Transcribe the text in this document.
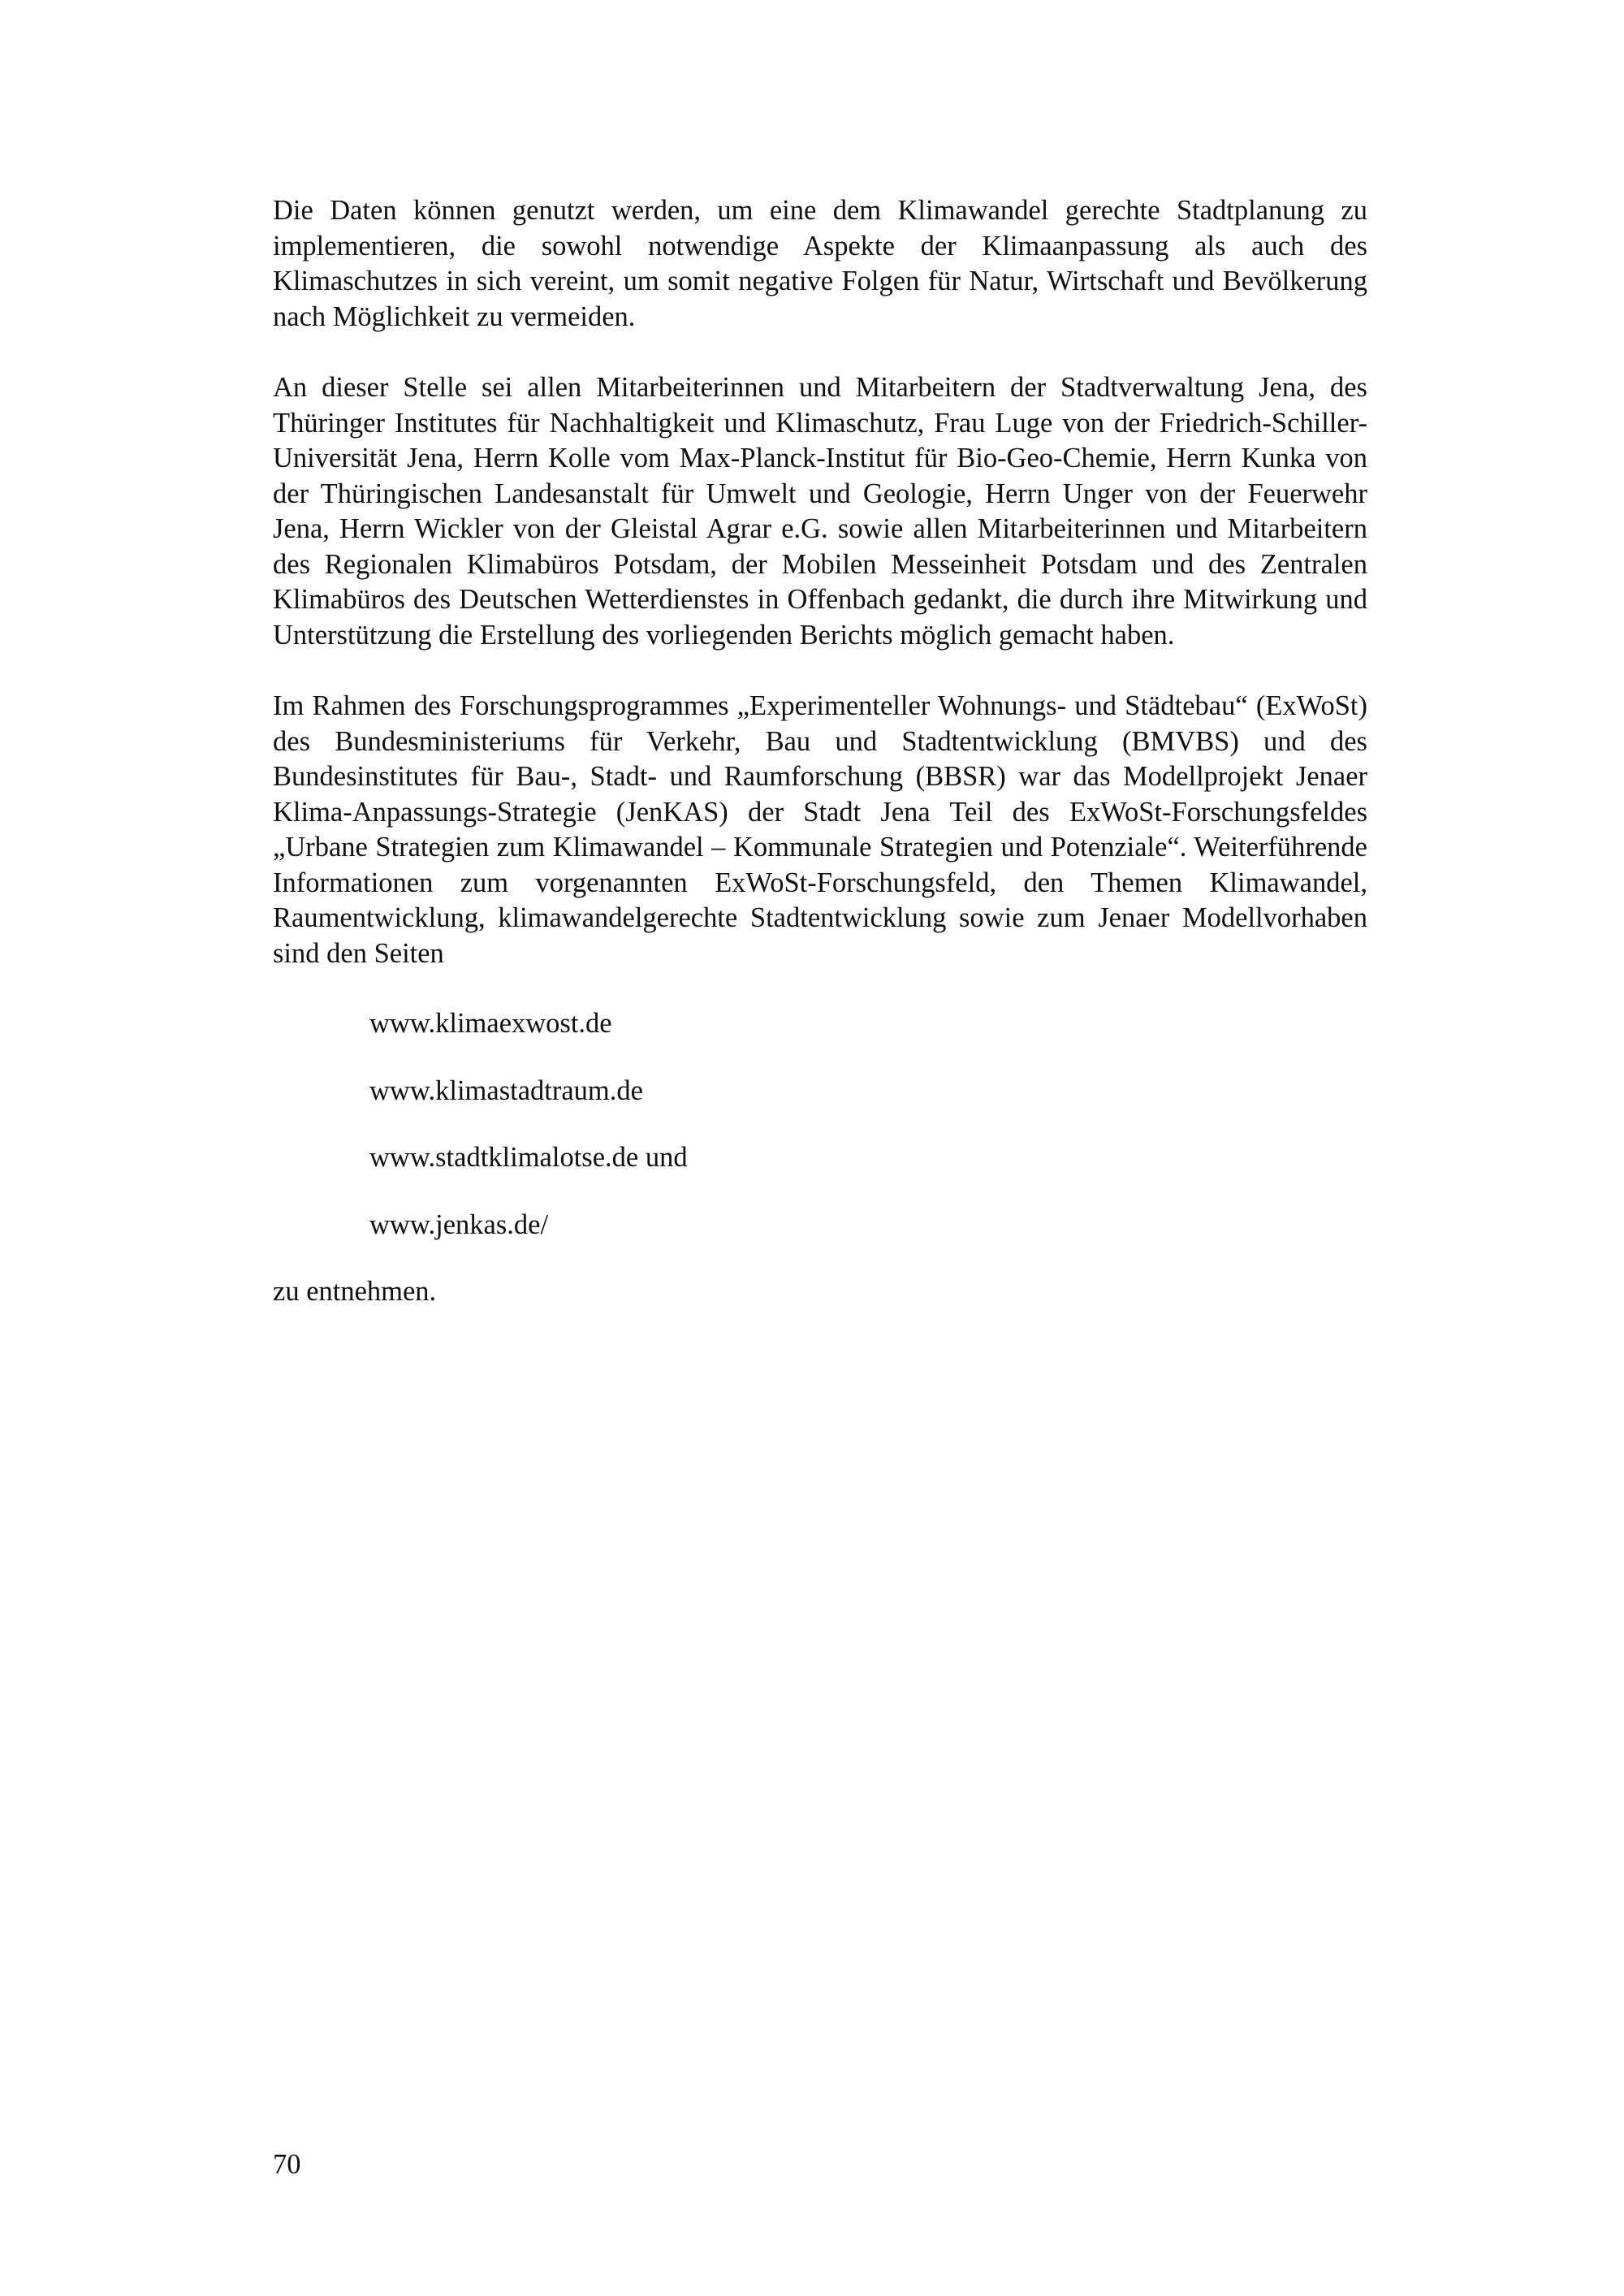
Die Daten können genutzt werden, um eine dem Klimawandel gerechte Stadtplanung zu implementieren, die sowohl notwendige Aspekte der Klimaanpassung als auch des Klimaschutzes in sich vereint, um somit negative Folgen für Natur, Wirtschaft und Bevölkerung nach Möglichkeit zu vermeiden.

An dieser Stelle sei allen Mitarbeiterinnen und Mitarbeitern der Stadtverwaltung Jena, des Thüringer Institutes für Nachhaltigkeit und Klimaschutz, Frau Luge von der Friedrich-Schiller-Universität Jena, Herrn Kolle vom Max-Planck-Institut für Bio-Geo-Chemie, Herrn Kunka von der Thüringischen Landesanstalt für Umwelt und Geologie, Herrn Unger von der Feuerwehr Jena, Herrn Wickler von der Gleistal Agrar e.G. sowie allen Mitarbeiterinnen und Mitarbeitern des Regionalen Klimabüros Potsdam, der Mobilen Messeinheit Potsdam und des Zentralen Klimabüros des Deutschen Wetterdienstes in Offenbach gedankt, die durch ihre Mitwirkung und Unterstützung die Erstellung des vorliegenden Berichts möglich gemacht haben.

Im Rahmen des Forschungsprogrammes „Experimenteller Wohnungs- und Städtebau“ (ExWoSt) des Bundesministeriums für Verkehr, Bau und Stadtentwicklung (BMVBS) und des Bundesinstitutes für Bau-, Stadt- und Raumforschung (BBSR) war das Modellprojekt Jenaer Klima-Anpassungs-Strategie (JenKAS) der Stadt Jena Teil des ExWoSt-Forschungsfeldes „Urbane Strategien zum Klimawandel – Kommunale Strategien und Potenziale“. Weiterführende Informationen zum vorgenannten ExWoSt-Forschungsfeld, den Themen Klimawandel, Raumentwicklung, klimawandelgerechte Stadtentwicklung sowie zum Jenaer Modellvorhaben sind den Seiten

www.klimaexwost.de
www.klimastadtraum.de
www.stadtklimalotse.de und
www.jenkas.de/

zu entnehmen.

70
